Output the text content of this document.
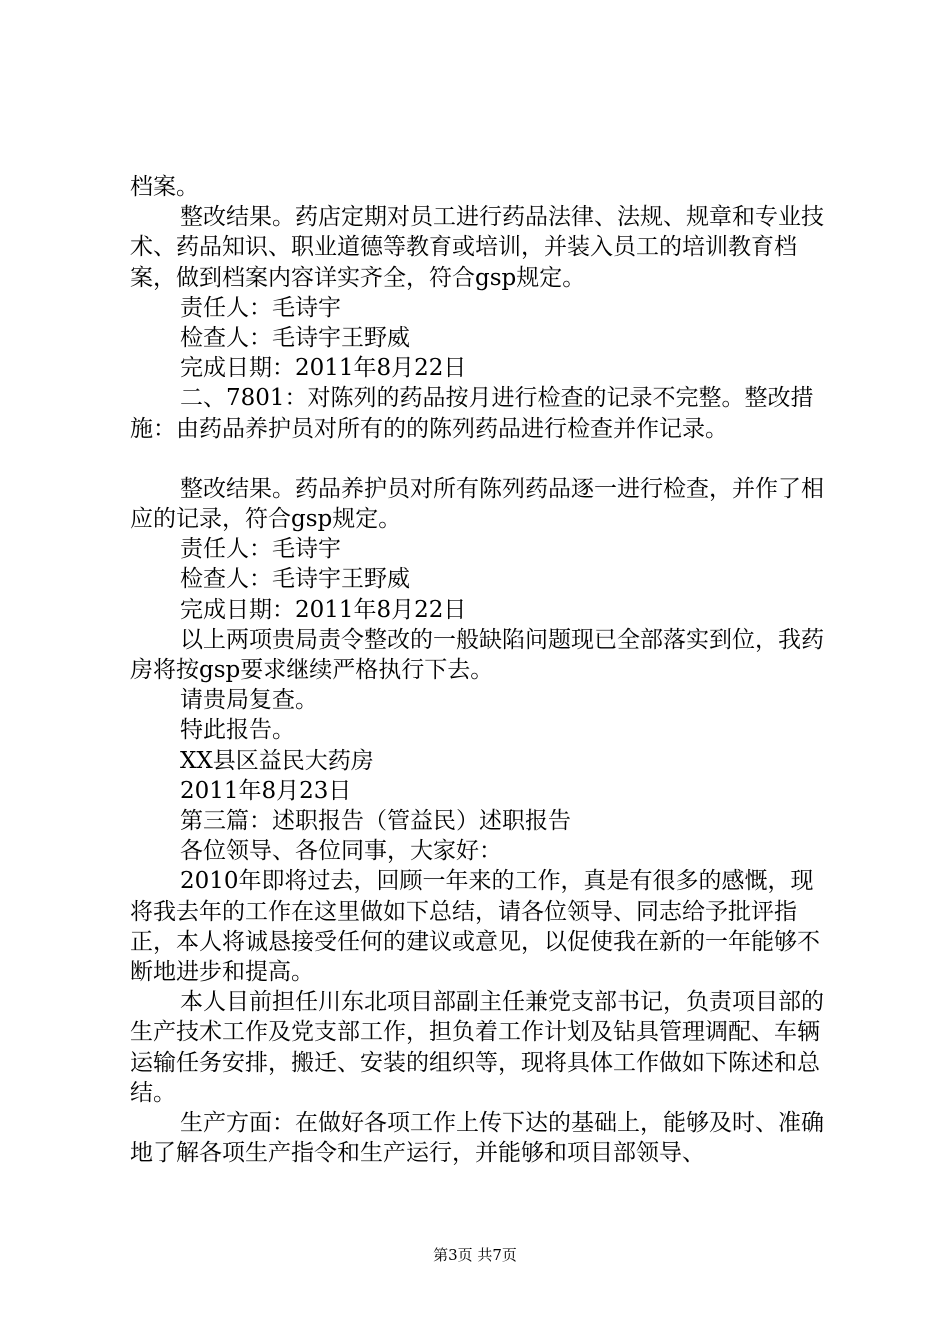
档案。

整改结果。药店定期对员工进行药品法律、法规、规章和专业技术、药品知识、职业道德等教育或培训，并装入员工的培训教育档案，做到档案内容详实齐全，符合gsp规定。

责任人：毛诗宇

检查人：毛诗宇王野威

完成日期：2011年8月22日

二、7801：对陈列的药品按月进行检查的记录不完整。整改措施：由药品养护员对所有的的陈列药品进行检查并作记录。

整改结果。药品养护员对所有陈列药品逐一进行检查，并作了相应的记录，符合gsp规定。

责任人：毛诗宇

检查人：毛诗宇王野威

完成日期：2011年8月22日

以上两项贵局责令整改的一般缺陷问题现已全部落实到位，我药房将按gsp要求继续严格执行下去。

请贵局复查。

特此报告。

XX县区益民大药房

2011年8月23日

第三篇：述职报告（管益民）述职报告

各位领导、各位同事，大家好：

2010年即将过去，回顾一年来的工作，真是有很多的感慨，现将我去年的工作在这里做如下总结，请各位领导、同志给予批评指正，本人将诚恳接受任何的建议或意见，以促使我在新的一年能够不断地进步和提高。

本人目前担任川东北项目部副主任兼党支部书记，负责项目部的生产技术工作及党支部工作，担负着工作计划及钻具管理调配、车辆运输任务安排，搬迁、安装的组织等，现将具体工作做如下陈述和总结。

生产方面：在做好各项工作上传下达的基础上，能够及时、准确地了解各项生产指令和生产运行，并能够和项目部领导、

第3页 共7页
